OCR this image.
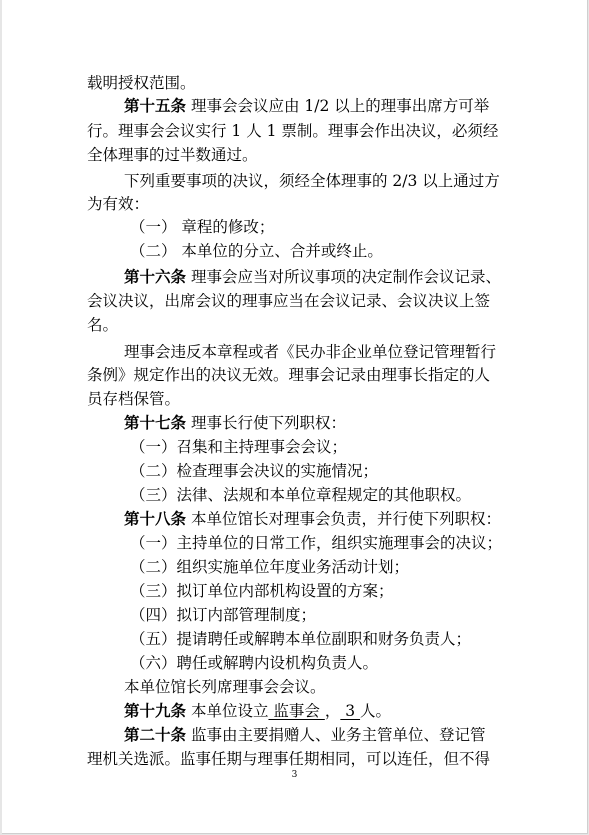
载明授权范围。
第十五条 理事会会议应由 1/2 以上的理事出席方可举
行。理事会会议实行 1 人 1 票制。理事会作出决议，必须经
全体理事的过半数通过。
下列重要事项的决议，须经全体理事的 2/3 以上通过方
为有效：
（一） 章程的修改；
（二） 本单位的分立、合并或终止。
第十六条 理事会应当对所议事项的决定制作会议记录、
会议决议，出席会议的理事应当在会议记录、会议决议上签
名。
理事会违反本章程或者《民办非企业单位登记管理暂行
条例》规定作出的决议无效。理事会记录由理事长指定的人
员存档保管。
第十七条 理事长行使下列职权：
（一）召集和主持理事会会议；
（二）检查理事会决议的实施情况；
（三）法律、法规和本单位章程规定的其他职权。
第十八条 本单位馆长对理事会负责，并行使下列职权：
（一）主持单位的日常工作，组织实施理事会的决议；
（二）组织实施单位年度业务活动计划；
（三）拟订单位内部机构设置的方案；
（四）拟订内部管理制度；
（五）提请聘任或解聘本单位副职和财务负责人；
（六）聘任或解聘内设机构负责人。
本单位馆长列席理事会会议。
第十九条 本单位设立 监事会 ， 3 人。
第二十条 监事由主要捐赠人、业务主管单位、登记管
理机关选派。监事任期与理事任期相同，可以连任，但不得
3
